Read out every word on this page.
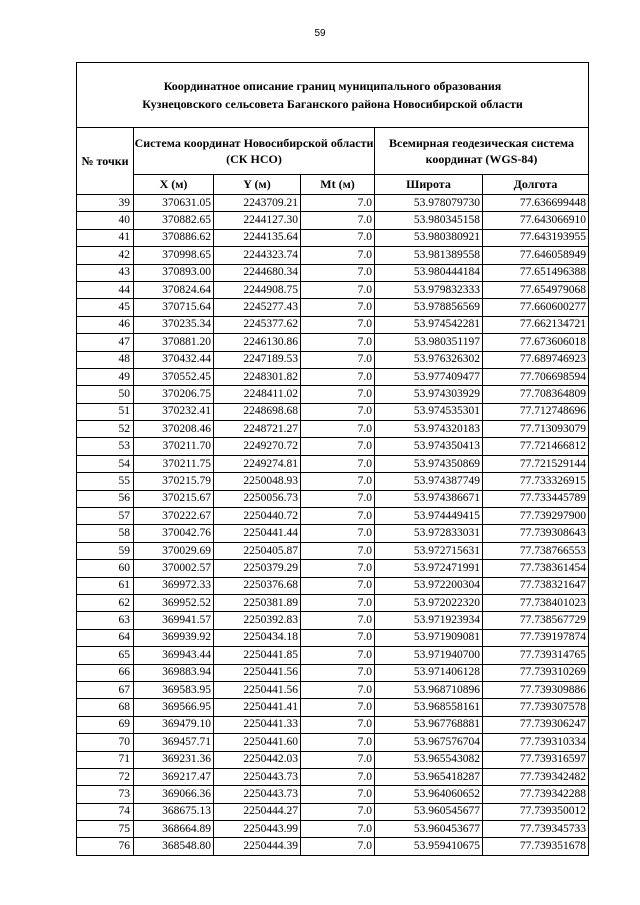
59
Координатное описание границ муниципального образования
Кузнецовского сельсовета Баганского района Новосибирской области					

№ точки	Система координат Новосибирской области (СК НСО)			Всемирная геодезическая система координат (WGS-84)	
	X (м)	Y (м)	Mt (м)	Широта	Долгота
39	370631.05	2243709.21	7.0	53.978079730	77.636699448
40	370882.65	2244127.30	7.0	53.980345158	77.643066910
41	370886.62	2244135.64	7.0	53.980380921	77.643193955
42	370998.65	2244323.74	7.0	53.981389558	77.646058949
43	370893.00	2244680.34	7.0	53.980444184	77.651496388
44	370824.64	2244908.75	7.0	53.979832333	77.654979068
45	370715.64	2245277.43	7.0	53.978856569	77.660600277
46	370235.34	2245377.62	7.0	53.974542281	77.662134721
47	370881.20	2246130.86	7.0	53.980351197	77.673606018
48	370432.44	2247189.53	7.0	53.976326302	77.689746923
49	370552.45	2248301.82	7.0	53.977409477	77.706698594
50	370206.75	2248411.02	7.0	53.974303929	77.708364809
51	370232.41	2248698.68	7.0	53.974535301	77.712748696
52	370208.46	2248721.27	7.0	53.974320183	77.713093079
53	370211.70	2249270.72	7.0	53.974350413	77.721466812
54	370211.75	2249274.81	7.0	53.974350869	77.721529144
55	370215.79	2250048.93	7.0	53.974387749	77.733326915
56	370215.67	2250056.73	7.0	53.974386671	77.733445789
57	370222.67	2250440.72	7.0	53.974449415	77.739297900
58	370042.76	2250441.44	7.0	53.972833031	77.739308643
59	370029.69	2250405.87	7.0	53.972715631	77.738766553
60	370002.57	2250379.29	7.0	53.972471991	77.738361454
61	369972.33	2250376.68	7.0	53.972200304	77.738321647
62	369952.52	2250381.89	7.0	53.972022320	77.738401023
63	369941.57	2250392.83	7.0	53.971923934	77.738567729
64	369939.92	2250434.18	7.0	53.971909081	77.739197874
65	369943.44	2250441.85	7.0	53.971940700	77.739314765
66	369883.94	2250441.56	7.0	53.971406128	77.739310269
67	369583.95	2250441.56	7.0	53.968710896	77.739309886
68	369566.95	2250441.41	7.0	53.968558161	77.739307578
69	369479.10	2250441.33	7.0	53.967768881	77.739306247
70	369457.71	2250441.60	7.0	53.967576704	77.739310334
71	369231.36	2250442.03	7.0	53.965543082	77.739316597
72	369217.47	2250443.73	7.0	53.965418287	77.739342482
73	369066.36	2250443.73	7.0	53.964060652	77.739342288
74	368675.13	2250444.27	7.0	53.960545677	77.739350012
75	368664.89	2250443.99	7.0	53.960453677	77.739345733
76	368548.80	2250444.39	7.0	53.959410675	77.739351678
